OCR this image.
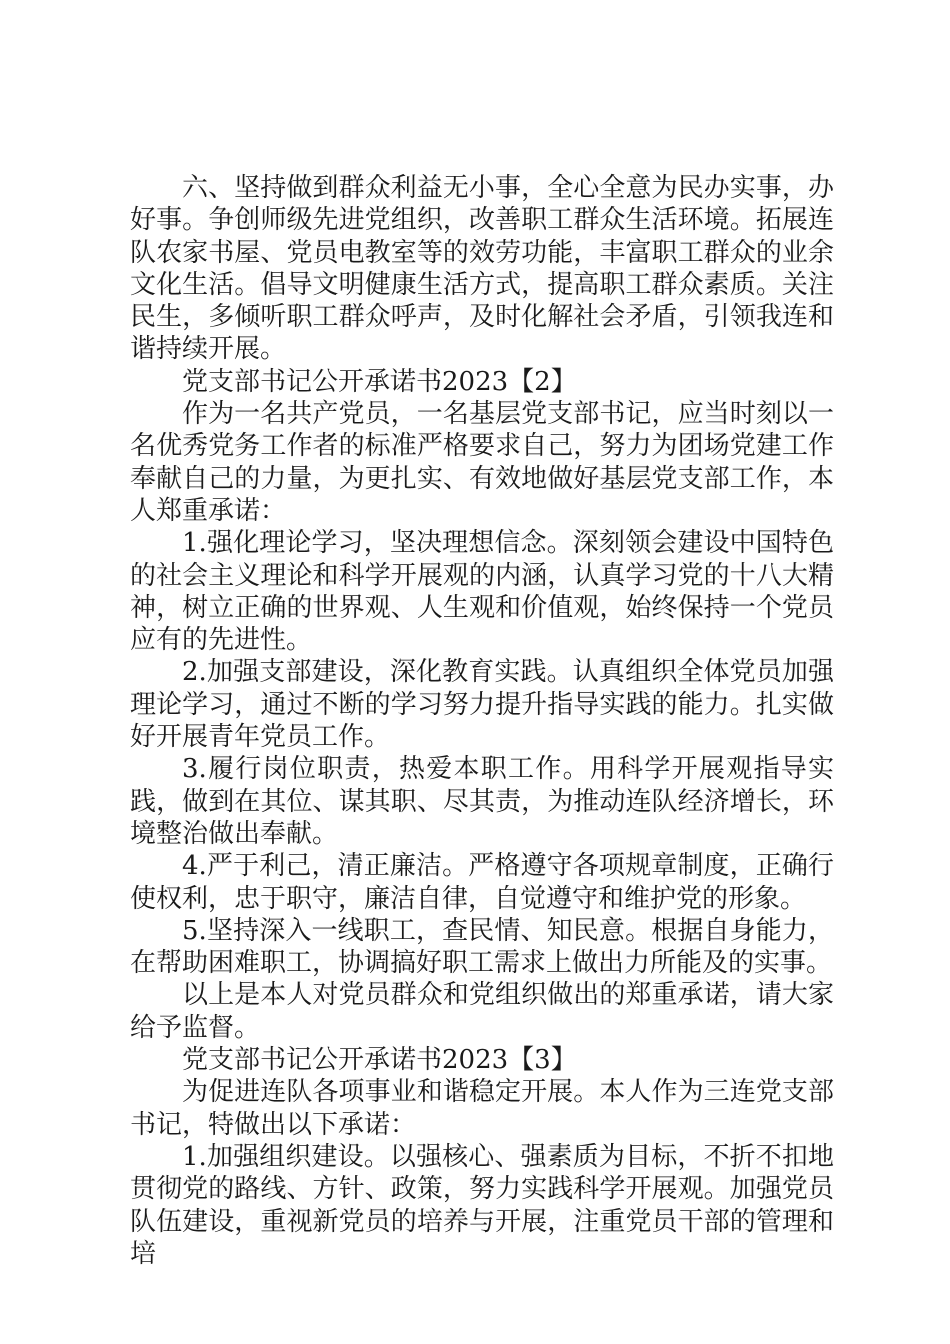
六、坚持做到群众利益无小事，全心全意为民办实事，办好事。争创师级先进党组织，改善职工群众生活环境。拓展连队农家书屋、党员电教室等的效劳功能，丰富职工群众的业余文化生活。倡导文明健康生活方式，提高职工群众素质。关注民生，多倾听职工群众呼声，及时化解社会矛盾，引领我连和谐持续开展。

党支部书记公开承诺书2023【2】

作为一名共产党员，一名基层党支部书记，应当时刻以一名优秀党务工作者的标准严格要求自己，努力为团场党建工作奉献自己的力量，为更扎实、有效地做好基层党支部工作，本人郑重承诺：

1.强化理论学习，坚决理想信念。深刻领会建设中国特色的社会主义理论和科学开展观的内涵，认真学习党的十八大精神，树立正确的世界观、人生观和价值观，始终保持一个党员应有的先进性。

2.加强支部建设，深化教育实践。认真组织全体党员加强理论学习，通过不断的学习努力提升指导实践的能力。扎实做好开展青年党员工作。

3.履行岗位职责，热爱本职工作。用科学开展观指导实践，做到在其位、谋其职、尽其责，为推动连队经济增长，环境整治做出奉献。

4.严于利己，清正廉洁。严格遵守各项规章制度，正确行使权利，忠于职守，廉洁自律，自觉遵守和维护党的形象。

5.坚持深入一线职工，查民情、知民意。根据自身能力，在帮助困难职工，协调搞好职工需求上做出力所能及的实事。

以上是本人对党员群众和党组织做出的郑重承诺，请大家给予监督。

党支部书记公开承诺书2023【3】

为促进连队各项事业和谐稳定开展。本人作为三连党支部书记，特做出以下承诺：

1.加强组织建设。以强核心、强素质为目标，不折不扣地贯彻党的路线、方针、政策，努力实践科学开展观。加强党员队伍建设，重视新党员的培养与开展，注重党员干部的管理和培
